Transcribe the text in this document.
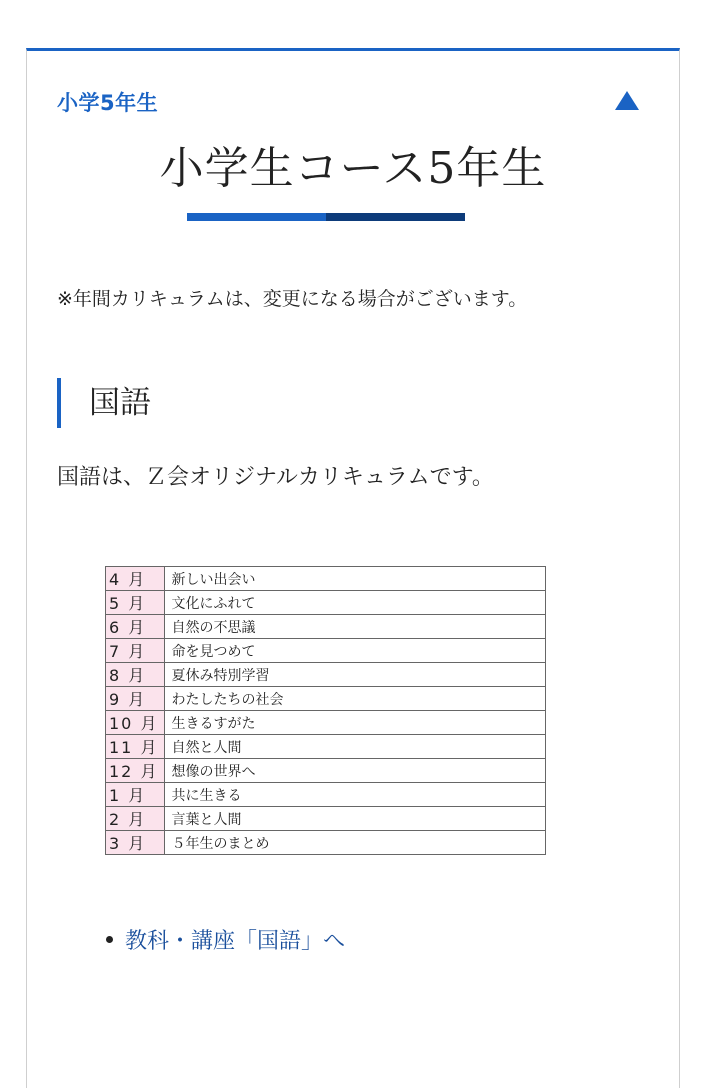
小学5年生
小学生コース5年生
※年間カリキュラムは、変更になる場合がございます。
国語
国語は、Ｚ会オリジナルカリキュラムです。
4 月	新しい出会い
5 月	文化にふれて
6 月	自然の不思議
7 月	命を見つめて
8 月	夏休み特別学習
9 月	わたしたちの社会
10 月	生きるすがた
11 月	自然と人間
12 月	想像の世界へ
1 月	共に生きる
2 月	言葉と人間
3 月	５年生のまとめ
教科・講座「国語」へ
